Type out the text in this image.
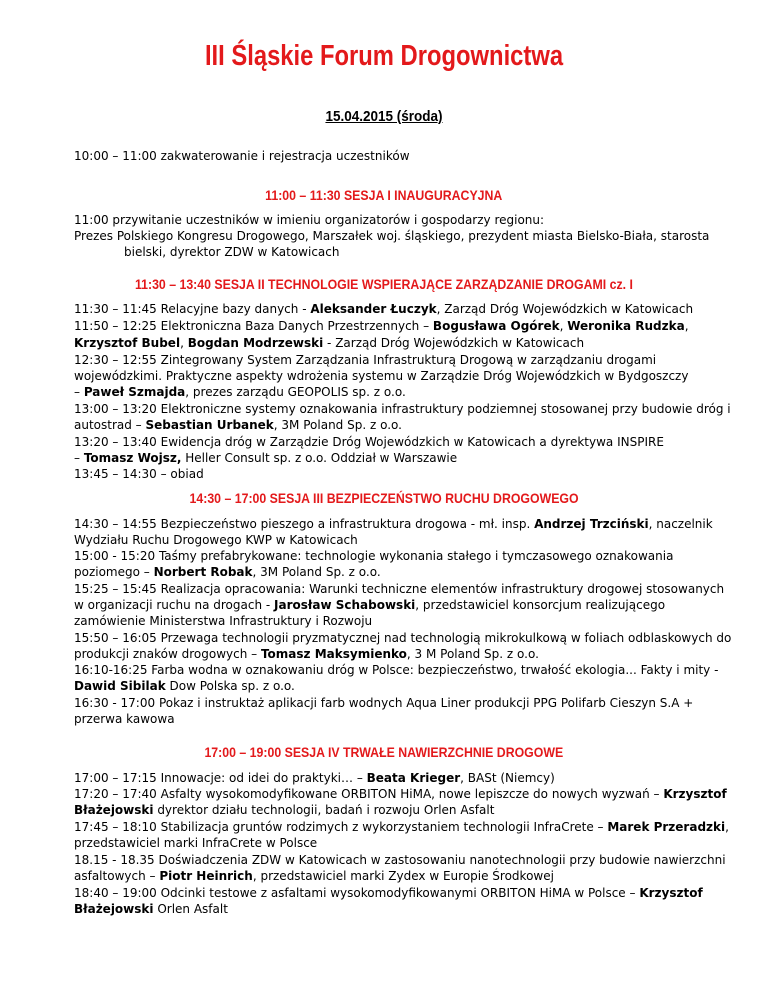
III Śląskie Forum Drogownictwa
15.04.2015 (środa)
10:00 – 11:00 zakwaterowanie i rejestracja uczestników
11:00 – 11:30 SESJA I INAUGURACYJNA
11:00 przywitanie uczestników w imieniu organizatorów i gospodarzy regionu:
Prezes Polskiego Kongresu Drogowego, Marszałek woj. śląskiego, prezydent miasta Bielsko-Biała, starosta
bielski, dyrektor ZDW w Katowicach
11:30 – 13:40 SESJA II TECHNOLOGIE WSPIERAJĄCE ZARZĄDZANIE DROGAMI cz. I
11:30 – 11:45 Relacyjne bazy danych - Aleksander Łuczyk, Zarząd Dróg Wojewódzkich w Katowicach
11:50 – 12:25 Elektroniczna Baza Danych Przestrzennych – Bogusława Ogórek, Weronika Rudzka,
Krzysztof Bubel, Bogdan Modrzewski - Zarząd Dróg Wojewódzkich w Katowicach
12:30 – 12:55 Zintegrowany System Zarządzania Infrastrukturą Drogową w zarządzaniu drogami
wojewódzkimi. Praktyczne aspekty wdrożenia systemu w Zarządzie Dróg Wojewódzkich w Bydgoszczy
– Paweł Szmajda, prezes zarządu GEOPOLIS sp. z o.o.
13:00 – 13:20 Elektroniczne systemy oznakowania infrastruktury podziemnej stosowanej przy budowie dróg i
autostrad – Sebastian Urbanek, 3M Poland Sp. z o.o.
13:20 – 13:40 Ewidencja dróg w Zarządzie Dróg Wojewódzkich w Katowicach a dyrektywa INSPIRE
– Tomasz Wojsz, Heller Consult sp. z o.o. Oddział w Warszawie
13:45 – 14:30 – obiad
14:30 – 17:00 SESJA III BEZPIECZEŃSTWO RUCHU DROGOWEGO
14:30 – 14:55 Bezpieczeństwo pieszego a infrastruktura drogowa - mł. insp. Andrzej Trzciński, naczelnik
Wydziału Ruchu Drogowego KWP w Katowicach
15:00 - 15:20 Taśmy prefabrykowane: technologie wykonania stałego i tymczasowego oznakowania
poziomego – Norbert Robak, 3M Poland Sp. z o.o.
15:25 – 15:45 Realizacja opracowania: Warunki techniczne elementów infrastruktury drogowej stosowanych
w organizacji ruchu na drogach - Jarosław Schabowski, przedstawiciel konsorcjum realizującego
zamówienie Ministerstwa Infrastruktury i Rozwoju
15:50 – 16:05 Przewaga technologii pryzmatycznej nad technologią mikrokulkową w foliach odblaskowych do
produkcji znaków drogowych – Tomasz Maksymienko, 3 M Poland Sp. z o.o.
16:10-16:25 Farba wodna w oznakowaniu dróg w Polsce: bezpieczeństwo, trwałość ekologia... Fakty i mity -
Dawid Sibilak Dow Polska sp. z o.o.
16:30 - 17:00 Pokaz i instruktaż aplikacji farb wodnych Aqua Liner produkcji PPG Polifarb Cieszyn S.A +
przerwa kawowa
17:00 – 19:00 SESJA IV TRWAŁE NAWIERZCHNIE DROGOWE
17:00 – 17:15 Innowacje: od idei do praktyki… – Beata Krieger, BASt (Niemcy)
17:20 – 17:40 Asfalty wysokomodyfikowane ORBITON HiMA, nowe lepiszcze do nowych wyzwań – Krzysztof
Błażejowski dyrektor działu technologii, badań i rozwoju Orlen Asfalt
17:45 – 18:10 Stabilizacja gruntów rodzimych z wykorzystaniem technologii InfraCrete – Marek Przeradzki,
przedstawiciel marki InfraCrete w Polsce
18.15 - 18.35 Doświadczenia ZDW w Katowicach w zastosowaniu nanotechnologii przy budowie nawierzchni
asfaltowych – Piotr Heinrich, przedstawiciel marki Zydex w Europie Środkowej
18:40 – 19:00 Odcinki testowe z asfaltami wysokomodyfikowanymi ORBITON HiMA w Polsce – Krzysztof
Błażejowski Orlen Asfalt
